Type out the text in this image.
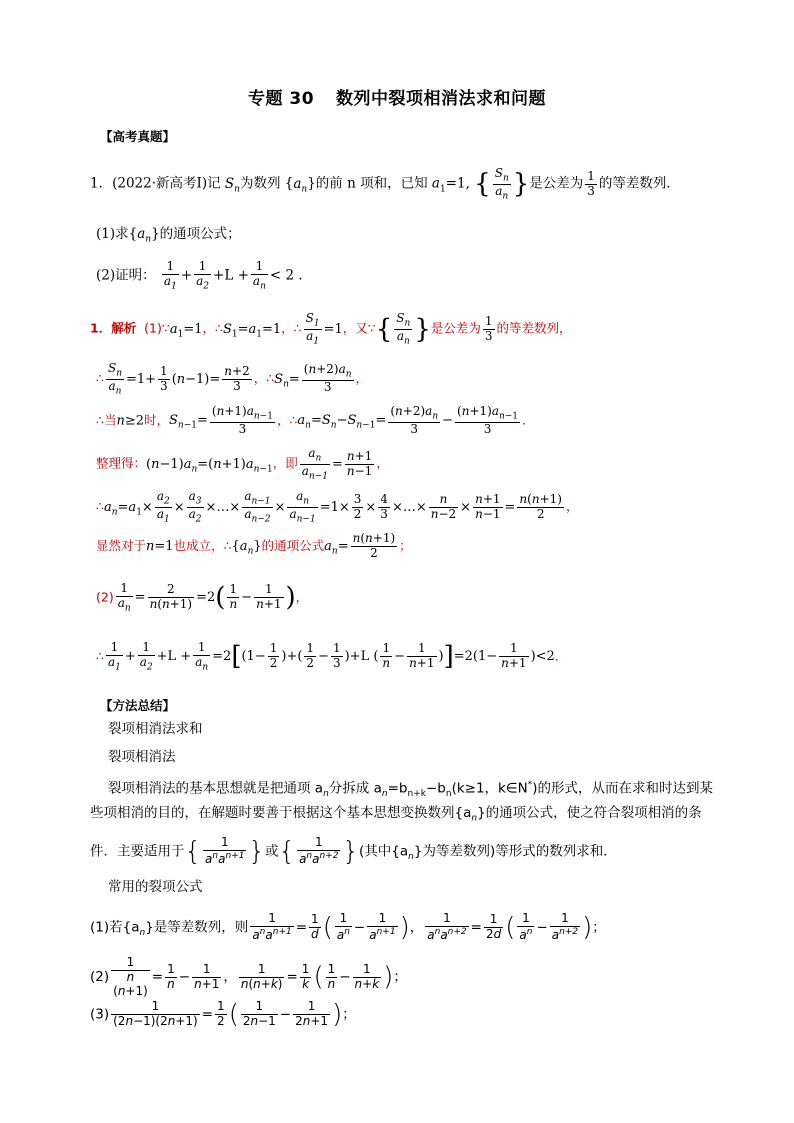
专题 30 数列中裂项相消法求和问题
【高考真题】
1．(2022·新高考Ⅰ)记 $S_n$为数列 $\{a_n\}$的前 n 项和，已知 $a_1=1$, { $\frac{S_n}{a_n}$ }是公差为 $\frac{1}{3}$ 的等差数列．
(1)求$\{a_n\}$的通项公式；
(2)证明： $\frac{1}{a_1} + \frac{1}{a_2} +L + \frac{1}{a_n} < 2$ .
1．解析 $(1)\because a_1=1$，$\therefore S_1=a_1=1$，∴ $\frac{S_1}{a_1} =1$，又∵{ $\frac{S_n}{a_n}$ }是公差为 $\frac{1}{3}$ 的等差数列，
∴ $\frac{S_n}{a_n} =1+ \frac{1}{3} (n-1)= \frac{n+2}{3}$ ，$\therefore S_n= \frac{(n+2)a_n}{3}$ ，
∴当n≥2时，$S_{n-1}= \frac{(n+1)a_{n-1}}{3}$ ，$\therefore a_n=S_n-S_{n-1}= \frac{(n+2)a_n}{3} - \frac{(n+1)a_{n-1}}{3}$ .
整理得：$(n-1)a_n=(n+1)a_{n-1}$，即 $\frac{a_n}{a_{n-1}} = \frac{n+1}{n-1}$ ，
$\therefore a_n=a_1\times \frac{a_2}{a_1} \times \frac{a_3}{a_2}$ ×…× $\frac{a_{n-1}}{a_{n-2}} \times \frac{a_n}{a_{n-1}} =1\times \frac{3}{2} \times \frac{4}{3}$ ×…× $\frac{n}{n-2} \times \frac{n+1}{n-1} = \frac{n(n+1)}{2}$ ，
显然对于n=1也成立，$\therefore\{a_n\}$的通项公式$a_n= \frac{n(n+1)}{2}$ ；
$(2) \frac{1}{a_n} = \frac{2}{n(n+1)} =2( \frac{1}{n} - \frac{1}{n+1}$ )，
∴ $\frac{1}{a_1} + \frac{1}{a_2} +L + \frac{1}{a_n} =2[(1- \frac{1}{2}$ )+( $\frac{1}{2} - \frac{1}{3} )+L$ ( $\frac{1}{n} - \frac{1}{n+1} )]=2(1- \frac{1}{n+1} )<2$．
【方法总结】
裂项相消法求和
裂项相消法
裂项相消法的基本思想就是把通项 $a_n$分拆成 $a_n=b_{n+k}-b_n(k\ge 1$，k∈N*)的形式，从而在求和时达到某
些项相消的目的，在解题时要善于根据这个基本思想变换数列$\{a_n\}$的通项公式，使之符合裂项相消的条
件．主要适用于{ $\frac{1}{a^na^{n+1}}$ }或{ $\frac{1}{a^na^{n+2}}$ }(其中$\{a_n\}$为等差数列)等形式的数列求和．
常用的裂项公式
(1)若$\{a_n\}$是等差数列，则 $\frac{1}{a^na^{n+1}} = \frac{1}{d}$ ( $\frac{1}{a^n} - \frac{1}{a^{n+1}}$ )， $\frac{1}{a^na^{n+2}} = \frac{1}{2d}$ ( $\frac{1}{a^n} - \frac{1}{a^{n+2}}$ )；
(2)
1
n
(n+1)
= $\frac{1}{n} - \frac{1}{n+1}$ ， $\frac{1}{n(n+k)} = \frac{1}{k}$ ( $\frac{1}{n} - \frac{1}{n+k}$ )；
$(3) \frac{1}{(2n-1)(2n+1)} = \frac{1}{2}$ ( $\frac{1}{2n-1} - \frac{1}{2n+1}$ )；
